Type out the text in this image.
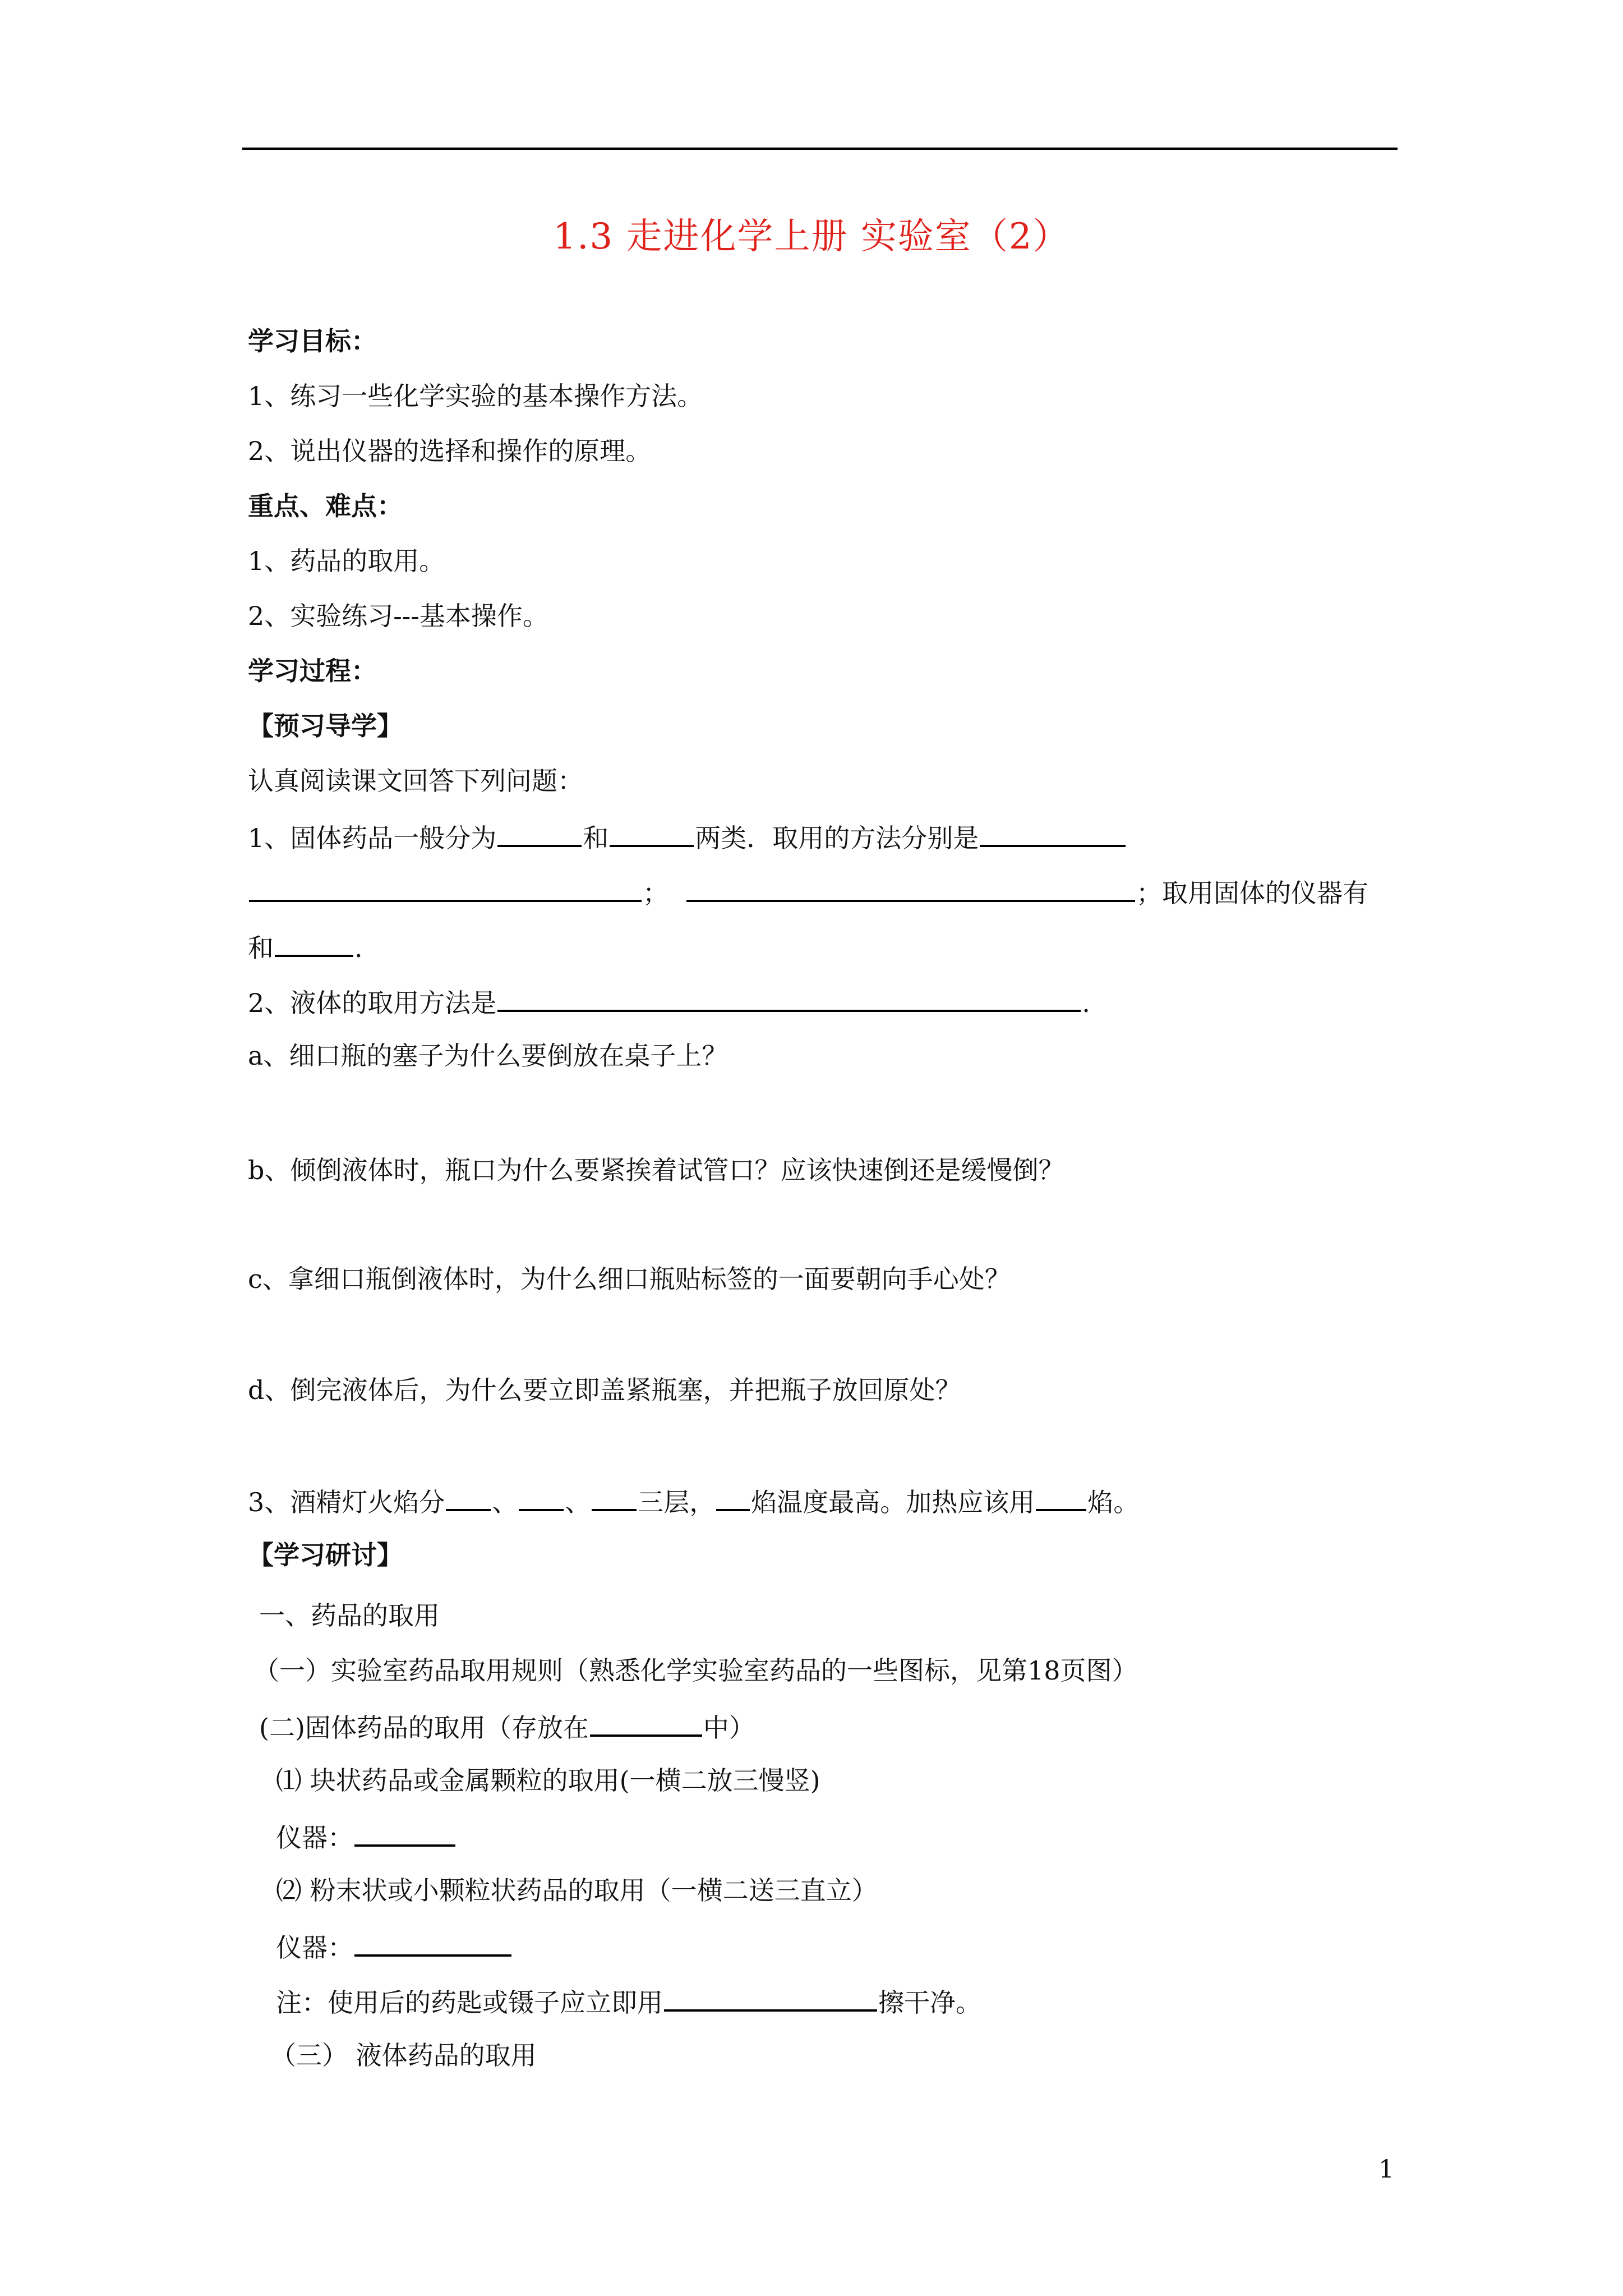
1.3 走进化学上册 实验室（2）
学习目标：
1、练习一些化学实验的基本操作方法。
2、说出仪器的选择和操作的原理。
重点、难点：
1、药品的取用。
2、实验练习---基本操作。
学习过程：
【预习导学】
认真阅读课文回答下列问题：
1、固体药品一般分为	和	两类．取用的方法分别是
；	；取用固体的仪器有
和	.
2、液体的取用方法是	.
a、细口瓶的塞子为什么要倒放在桌子上？
b、倾倒液体时，瓶口为什么要紧挨着试管口？应该快速倒还是缓慢倒？
c、拿细口瓶倒液体时，为什么细口瓶贴标签的一面要朝向手心处？
d、倒完液体后，为什么要立即盖紧瓶塞，并把瓶子放回原处？
3、酒精灯火焰分 、 、 三层， 焰温度最高。加热应该用 焰。
【学习研讨】
一、药品的取用
（一）实验室药品取用规则（熟悉化学实验室药品的一些图标，见第18页图）
(二)固体药品的取用（存放在	中）
⑴ 块状药品或金属颗粒的取用(一横二放三慢竖)
仪器：
⑵ 粉末状或小颗粒状药品的取用（一横二送三直立）
仪器：
注：使用后的药匙或镊子应立即用	擦干净。
（三） 液体药品的取用
1
